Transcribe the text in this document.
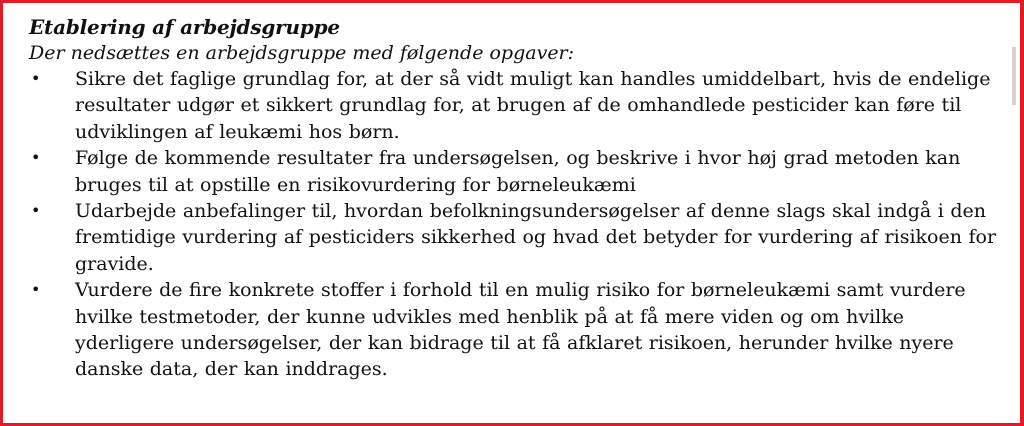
Etablering af arbejdsgruppe

Der nedsættes en arbejdsgruppe med følgende opgaver:

• Sikre det faglige grundlag for, at der så vidt muligt kan handles umiddelbart, hvis de endelige resultater udgør et sikkert grundlag for, at brugen af de omhandlede pesticider kan føre til udviklingen af leukæmi hos børn.
• Følge de kommende resultater fra undersøgelsen, og beskrive i hvor høj grad metoden kan bruges til at opstille en risikovurdering for børneleukæmi
• Udarbejde anbefalinger til, hvordan befolkningsundersøgelser af denne slags skal indgå i den fremtidige vurdering af pesticiders sikkerhed og hvad det betyder for vurdering af risikoen for gravide.
• Vurdere de fire konkrete stoffer i forhold til en mulig risiko for børneleukæmi samt vurdere hvilke testmetoder, der kunne udvikles med henblik på at få mere viden og om hvilke yderligere undersøgelser, der kan bidrage til at få afklaret risikoen, herunder hvilke nyere danske data, der kan inddrages.
